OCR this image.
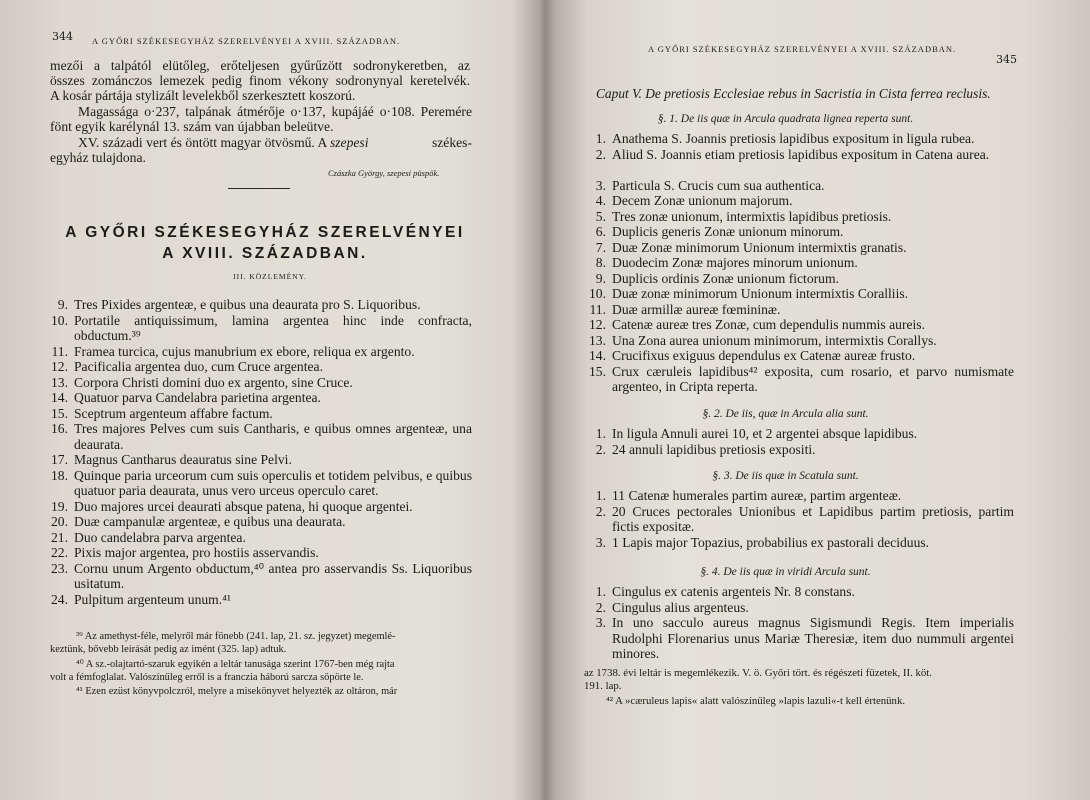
344 A GYŐRI SZÉKESEGYHÁZ SZERELVÉNYEI A XVIII. SZÁZADBAN.
mezői a talpától elütőleg, erőteljesen gyűrűzött sodronykeretben, az
összes zománczos lemezek pedig finom vékony sodronynyal keretelvék.
A kosár pártája stylizált levelekből szerkesztett koszorú.
Magassága o·237, talpának átmérője o·137, kupájáé o·108. Peremére
fönt egyik karélynál 13. szám van újabban beleütve.
XV. századi vert és öntött magyar ötvösmű. A szepesi	székes-
egyház tulajdona.
Czászka György, szepesi püspök.
A GYŐRI SZÉKESEGYHÁZ SZERELVÉNYEI
A XVIII. SZÁZADBAN.
III. KÖZLEMÉNY.
9. Tres Pixides argenteæ, e quibus una deaurata pro S. Liquoribus.
10. Portatile antiquissimum, lamina argentea hinc inde confracta, obductum.³⁹
11. Framea turcica, cujus manubrium ex ebore, reliqua ex argento.
12. Pacificalia argentea duo, cum Cruce argentea.
13. Corpora Christi domini duo ex argento, sine Cruce.
14. Quatuor parva Candelabra parietina argentea.
15. Sceptrum argenteum affabre factum.
16. Tres majores Pelves cum suis Cantharis, e quibus omnes argenteæ, una deaurata.
17. Magnus Cantharus deauratus sine Pelvi.
18. Quinque paria urceorum cum suis operculis et totidem pelvibus, e quibus quatuor paria deaurata, unus vero urceus operculo caret.
19. Duo majores urcei deaurati absque patena, hi quoque argentei.
20. Duæ campanulæ argenteæ, e quibus una deaurata.
21. Duo candelabra parva argentea.
22. Pixis major argentea, pro hostiis asservandis.
23. Cornu unum Argento obductum,⁴⁰ antea pro asservandis Ss. Liquoribus usitatum.
24. Pulpitum argenteum unum.⁴¹
³⁹ Az amethyst-féle, melyről már fönebb (241. lap, 21. sz. jegyzet) megemlé-
keztünk, bővebb leírását pedig az imént (325. lap) adtuk.
⁴⁰ A sz.-olajtartó-szaruk egyikén a leltár tanusága szerint 1767-ben még rajta
volt a fémfoglalat. Valószínűleg erről is a francziа háború sarcza söpörte le.
⁴¹ Ezen ezüst könyvpolczról, melyre a misekönyvet helyezték az oltáron, már
A GYŐRI SZÉKESEGYHÁZ SZERELVÉNYEI A XVIII. SZÁZADBAN.
345
Caput V. De pretiosis Ecclesiae rebus in Sacristia in Cista ferrea reclusis.
§. 1. De iis quæ in Arcula quadrata lignea reperta sunt.
1. Anathema S. Joannis pretiosis lapidibus expositum in ligula rubea.
2. Aliud S. Joannis etiam pretiosis lapidibus expositum in Catena aurea.
3. Particula S. Crucis cum sua authentica.
4. Decem Zonæ unionum majorum.
5. Tres zonæ unionum, intermixtis lapidibus pretiosis.
6. Duplicis generis Zonæ unionum minorum.
7. Duæ Zonæ minimorum Unionum intermixtis granatis.
8. Duodecim Zonæ majores minorum unionum.
9. Duplicis ordinis Zonæ unionum fictorum.
10. Duæ zonæ minimorum Unionum intermixtis Coralliis.
11. Duæ armillæ aureæ fœmininæ.
12. Catenæ aureæ tres Zonæ, cum dependulis nummis aureis.
13. Una Zona aurea unionum minimorum, intermixtis Corallys.
14. Crucifixus exiguus dependulus ex Catenæ aureæ frusto.
15. Crux cæruleis lapidibus⁴² exposita, cum rosario, et parvo numismate argenteo, in Cripta reperta.
§. 2. De iis, quæ in Arcula alia sunt.
1. In ligula Annuli aurei 10, et 2 argentei absque lapidibus.
2. 24 annuli lapidibus pretiosis expositi.
§. 3. De iis quæ in Scatula sunt.
1. 11 Catenæ humerales partim aureæ, partim argenteæ.
2. 20 Cruces pectorales Unionibus et Lapidibus partim pretiosis, partim fictis expositæ.
3. 1 Lapis major Topazius, probabilius ex pastorali deciduus.
§. 4. De iis quæ in viridi Arcula sunt.
1. Cingulus ex catenis argenteis Nr. 8 constans.
2. Cingulus alius argenteus.
3. In uno sacculo aureus magnus Sigismundi Regis. Item imperialis Rudolphi Florenarius unus Mariæ Theresiæ, item duo nummuli argentei minores.
az 1738. évi leltár is megemlékezik. V. ö. Győri tört. és régészeti füzetek, II. köt.
191. lap.
⁴² A »cæruleus lapis« alatt valószínűleg »lapis lazuli«-t kell értenünk.
